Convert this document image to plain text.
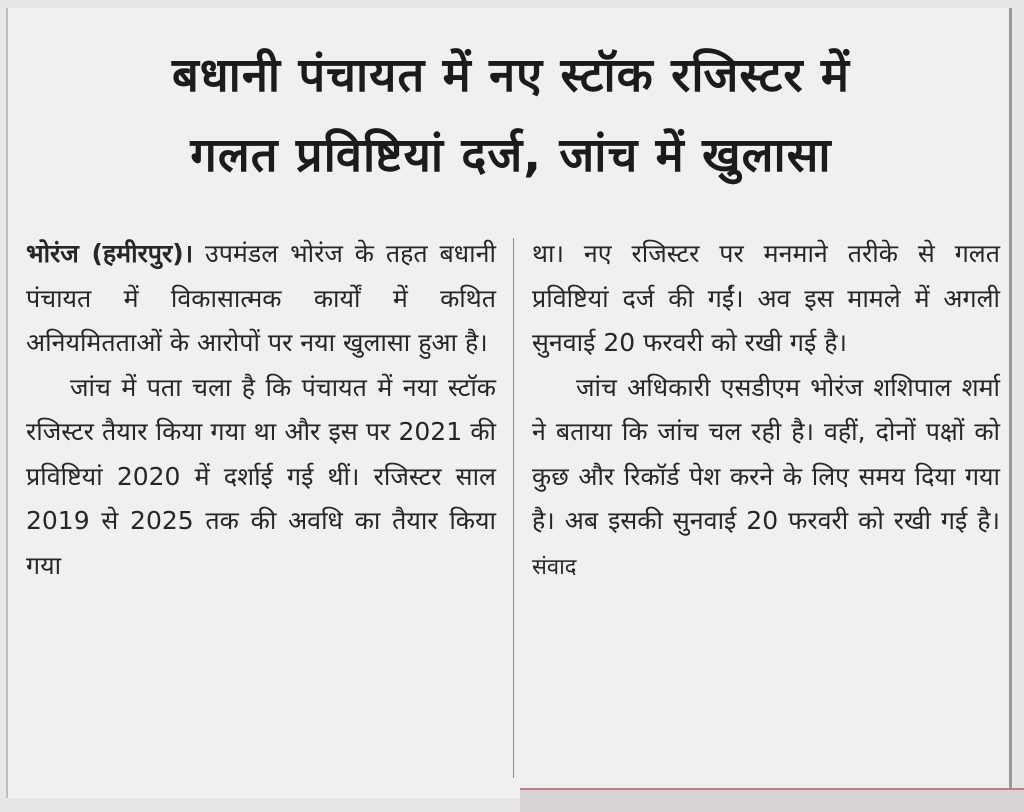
बधानी पंचायत में नए स्टॉक रजिस्टर में
गलत प्रविष्टियां दर्ज, जांच में खुलासा

भोरंज (हमीरपुर)। उपमंडल भोरंज के तहत बधानी पंचायत में विकासात्मक कार्यों में कथित अनियमितताओं के आरोपों पर नया खुलासा हुआ है।

जांच में पता चला है कि पंचायत में नया स्टॉक रजिस्टर तैयार किया गया था और इस पर 2021 की प्रविष्टियां 2020 में दर्शाई गई थीं। रजिस्टर साल 2019 से 2025 तक की अवधि का तैयार किया गया

था। नए रजिस्टर पर मनमाने तरीके से गलत प्रविष्टियां दर्ज की गईं। अव इस मामले में अगली सुनवाई 20 फरवरी को रखी गई है।

जांच अधिकारी एसडीएम भोरंज शशिपाल शर्मा ने बताया कि जांच चल रही है। वहीं, दोनों पक्षों को कुछ और रिकॉर्ड पेश करने के लिए समय दिया गया है। अब इसकी सुनवाई 20 फरवरी को रखी गई है। संवाद
